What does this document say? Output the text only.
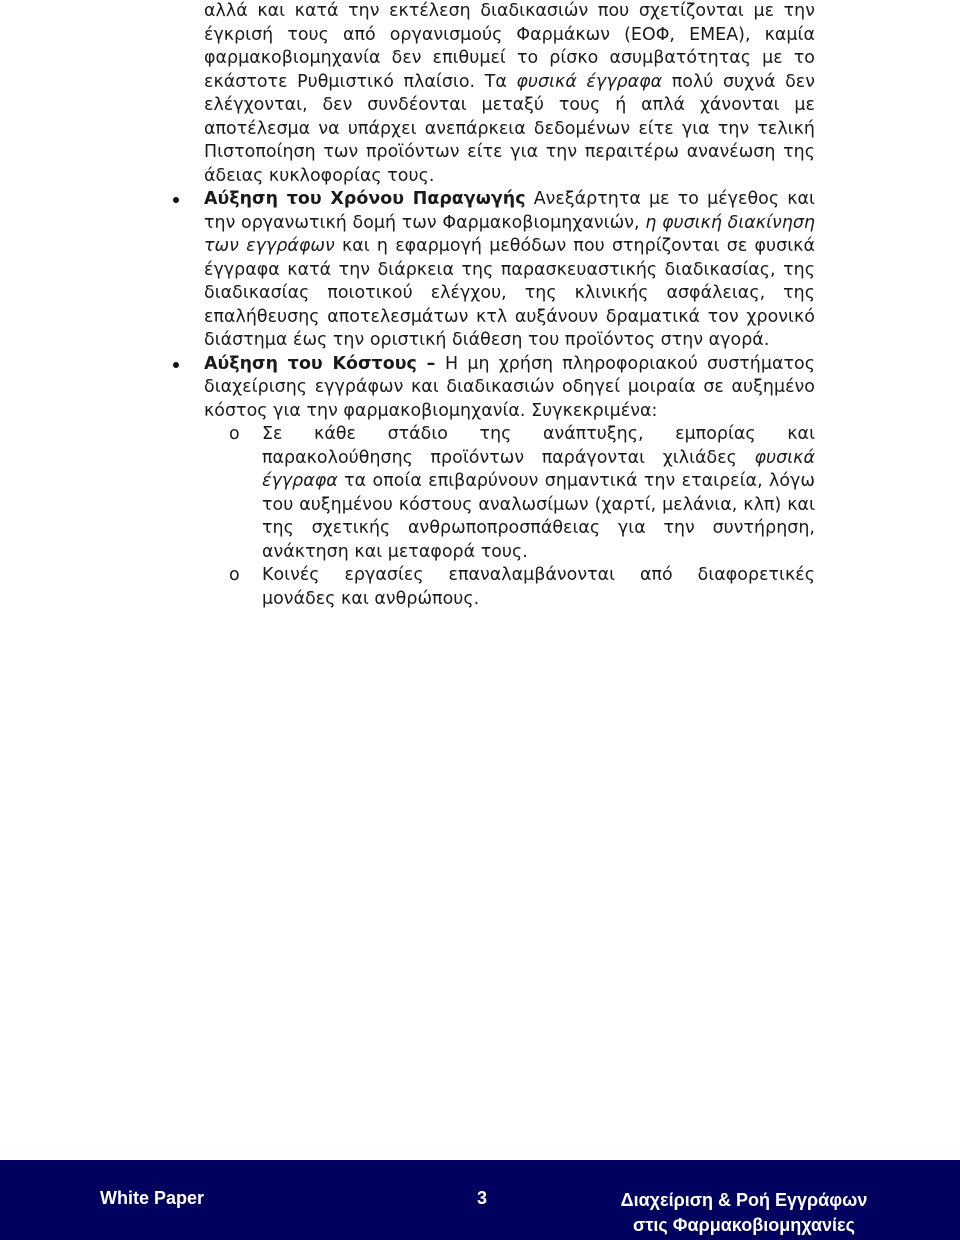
αλλά και κατά την εκτέλεση διαδικασιών που σχετίζονται με την έγκρισή τους από οργανισμούς Φαρμάκων (ΕΟΦ, ΕΜΕΑ), καμία φαρμακοβιομηχανία δεν επιθυμεί το ρίσκο ασυμβατότητας με το εκάστοτε Ρυθμιστικό πλαίσιο. Τα φυσικά έγγραφα πολύ συχνά δεν ελέγχονται, δεν συνδέονται μεταξύ τους ή απλά χάνονται με αποτέλεσμα να υπάρχει ανεπάρκεια δεδομένων είτε για την τελική Πιστοποίηση των προϊόντων είτε για την περαιτέρω ανανέωση της άδειας κυκλοφορίας τους.

Αύξηση του Χρόνου Παραγωγής Ανεξάρτητα με το μέγεθος και την οργανωτική δομή των Φαρμακοβιομηχανιών, η φυσική διακίνηση των εγγράφων και η εφαρμογή μεθόδων που στηρίζονται σε φυσικά έγγραφα κατά την διάρκεια της παρασκευαστικής διαδικασίας, της διαδικασίας ποιοτικού ελέγχου, της κλινικής ασφάλειας, της επαλήθευσης αποτελεσμάτων κτλ αυξάνουν δραματικά τον χρονικό διάστημα έως την οριστική διάθεση του προϊόντος στην αγορά.
Αύξηση του Κόστους – Η μη χρήση πληροφοριακού συστήματος διαχείρισης εγγράφων και διαδικασιών οδηγεί μοιραία σε αυξημένο κόστος για την φαρμακοβιομηχανία. Συγκεκριμένα:
o Σε κάθε στάδιο της ανάπτυξης, εμπορίας και παρακολούθησης προϊόντων παράγονται χιλιάδες φυσικά έγγραφα τα οποία επιβαρύνουν σημαντικά την εταιρεία, λόγω του αυξημένου κόστους αναλωσίμων (χαρτί, μελάνια, κλπ) και της σχετικής ανθρωποπροσπάθειας για την συντήρηση, ανάκτηση και μεταφορά τους.
o Κοινές εργασίες επαναλαμβάνονται από διαφορετικές μονάδες και ανθρώπους.
White Paper	3	Διαχείριση & Ροή Εγγράφων
στις Φαρμακοβιομηχανίες
